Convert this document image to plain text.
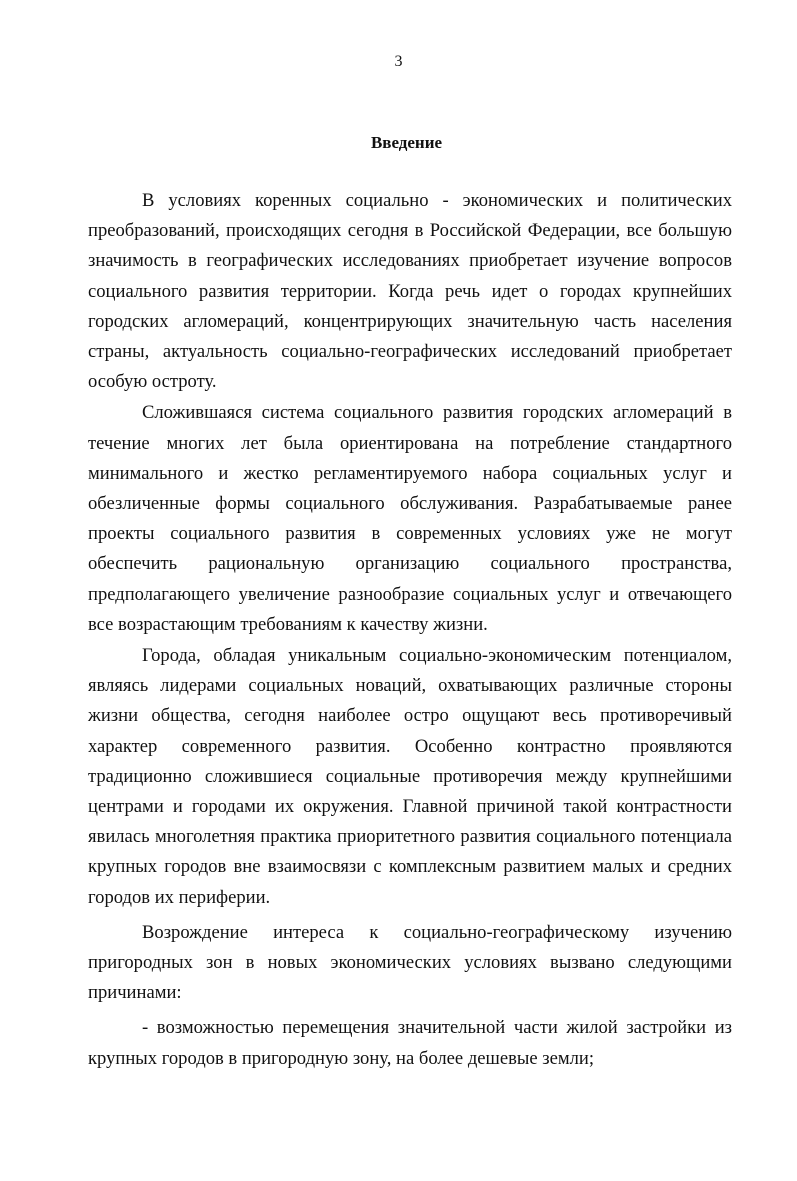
3
Введение

В условиях коренных социально - экономических и политических преобразований, происходящих сегодня в Российской Федерации, все большую значимость в географических исследованиях приобретает изучение вопросов социального развития территории. Когда речь идет о городах крупнейших городских агломераций, концентрирующих значительную часть населения страны, актуальность социально-географических исследований приобретает особую остроту.

Сложившаяся система социального развития городских агломераций в течение многих лет была ориентирована на потребление стандартного минимального и жестко регламентируемого набора социальных услуг и обезличенные формы социального обслуживания. Разрабатываемые ранее проекты социального развития в современных условиях уже не могут обеспечить рациональную организацию социального пространства, предполагающего увеличение разнообразие социальных услуг и отвечающего все возрастающим требованиям к качеству жизни.

Города, обладая уникальным социально-экономическим потенциалом, являясь лидерами социальных новаций, охватывающих различные стороны жизни общества, сегодня наиболее остро ощущают весь противоречивый характер современного развития. Особенно контрастно проявляются традиционно сложившиеся социальные противоречия между крупнейшими центрами и городами их окружения. Главной причиной такой контрастности явилась многолетняя практика приоритетного развития социального потенциала крупных городов вне взаимосвязи с комплексным развитием малых и средних городов их периферии.

Возрождение интереса к социально-географическому изучению пригородных зон в новых экономических условиях вызвано следующими причинами:

- возможностью перемещения значительной части жилой застройки из крупных городов в пригородную зону, на более дешевые земли;
